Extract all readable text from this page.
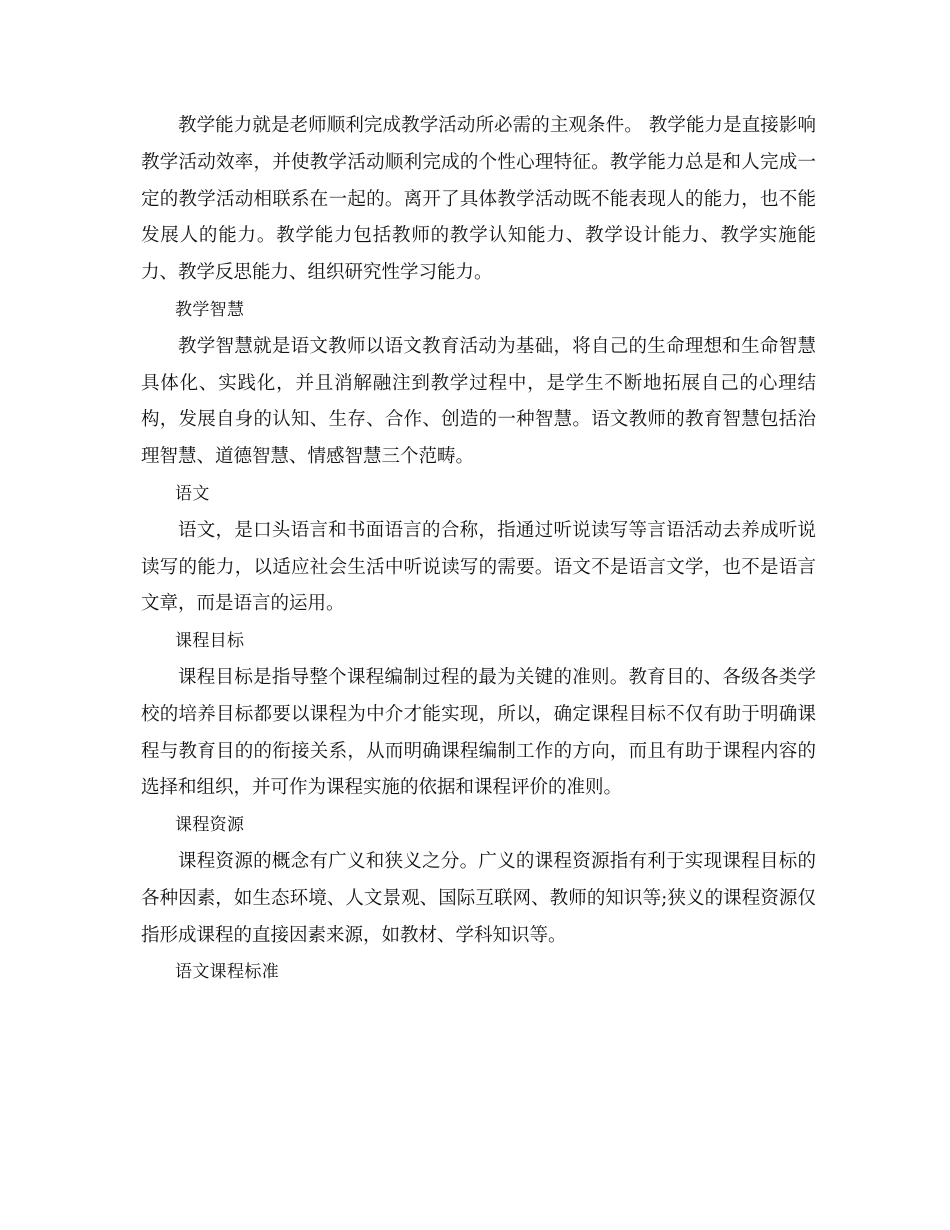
教学能力就是老师顺利完成教学活动所必需的主观条件。 教学能力是直接影响教学活动效率，并使教学活动顺利完成的个性心理特征。教学能力总是和人完成一定的教学活动相联系在一起的。离开了具体教学活动既不能表现人的能力，也不能发展人的能力。教学能力包括教师的教学认知能力、教学设计能力、教学实施能力、教学反思能力、组织研究性学习能力。

教学智慧

教学智慧就是语文教师以语文教育活动为基础，将自己的生命理想和生命智慧具体化、实践化，并且消解融注到教学过程中，是学生不断地拓展自己的心理结构，发展自身的认知、生存、合作、创造的一种智慧。语文教师的教育智慧包括治理智慧、道德智慧、情感智慧三个范畴。

语文

语文，是口头语言和书面语言的合称，指通过听说读写等言语活动去养成听说读写的能力，以适应社会生活中听说读写的需要。语文不是语言文学，也不是语言文章，而是语言的运用。

课程目标

课程目标是指导整个课程编制过程的最为关键的准则。教育目的、各级各类学校的培养目标都要以课程为中介才能实现，所以，确定课程目标不仅有助于明确课程与教育目的的衔接关系，从而明确课程编制工作的方向，而且有助于课程内容的选择和组织，并可作为课程实施的依据和课程评价的准则。

课程资源

课程资源的概念有广义和狭义之分。广义的课程资源指有利于实现课程目标的各种因素，如生态环境、人文景观、国际互联网、教师的知识等;狭义的课程资源仅指形成课程的直接因素来源，如教材、学科知识等。

语文课程标准
